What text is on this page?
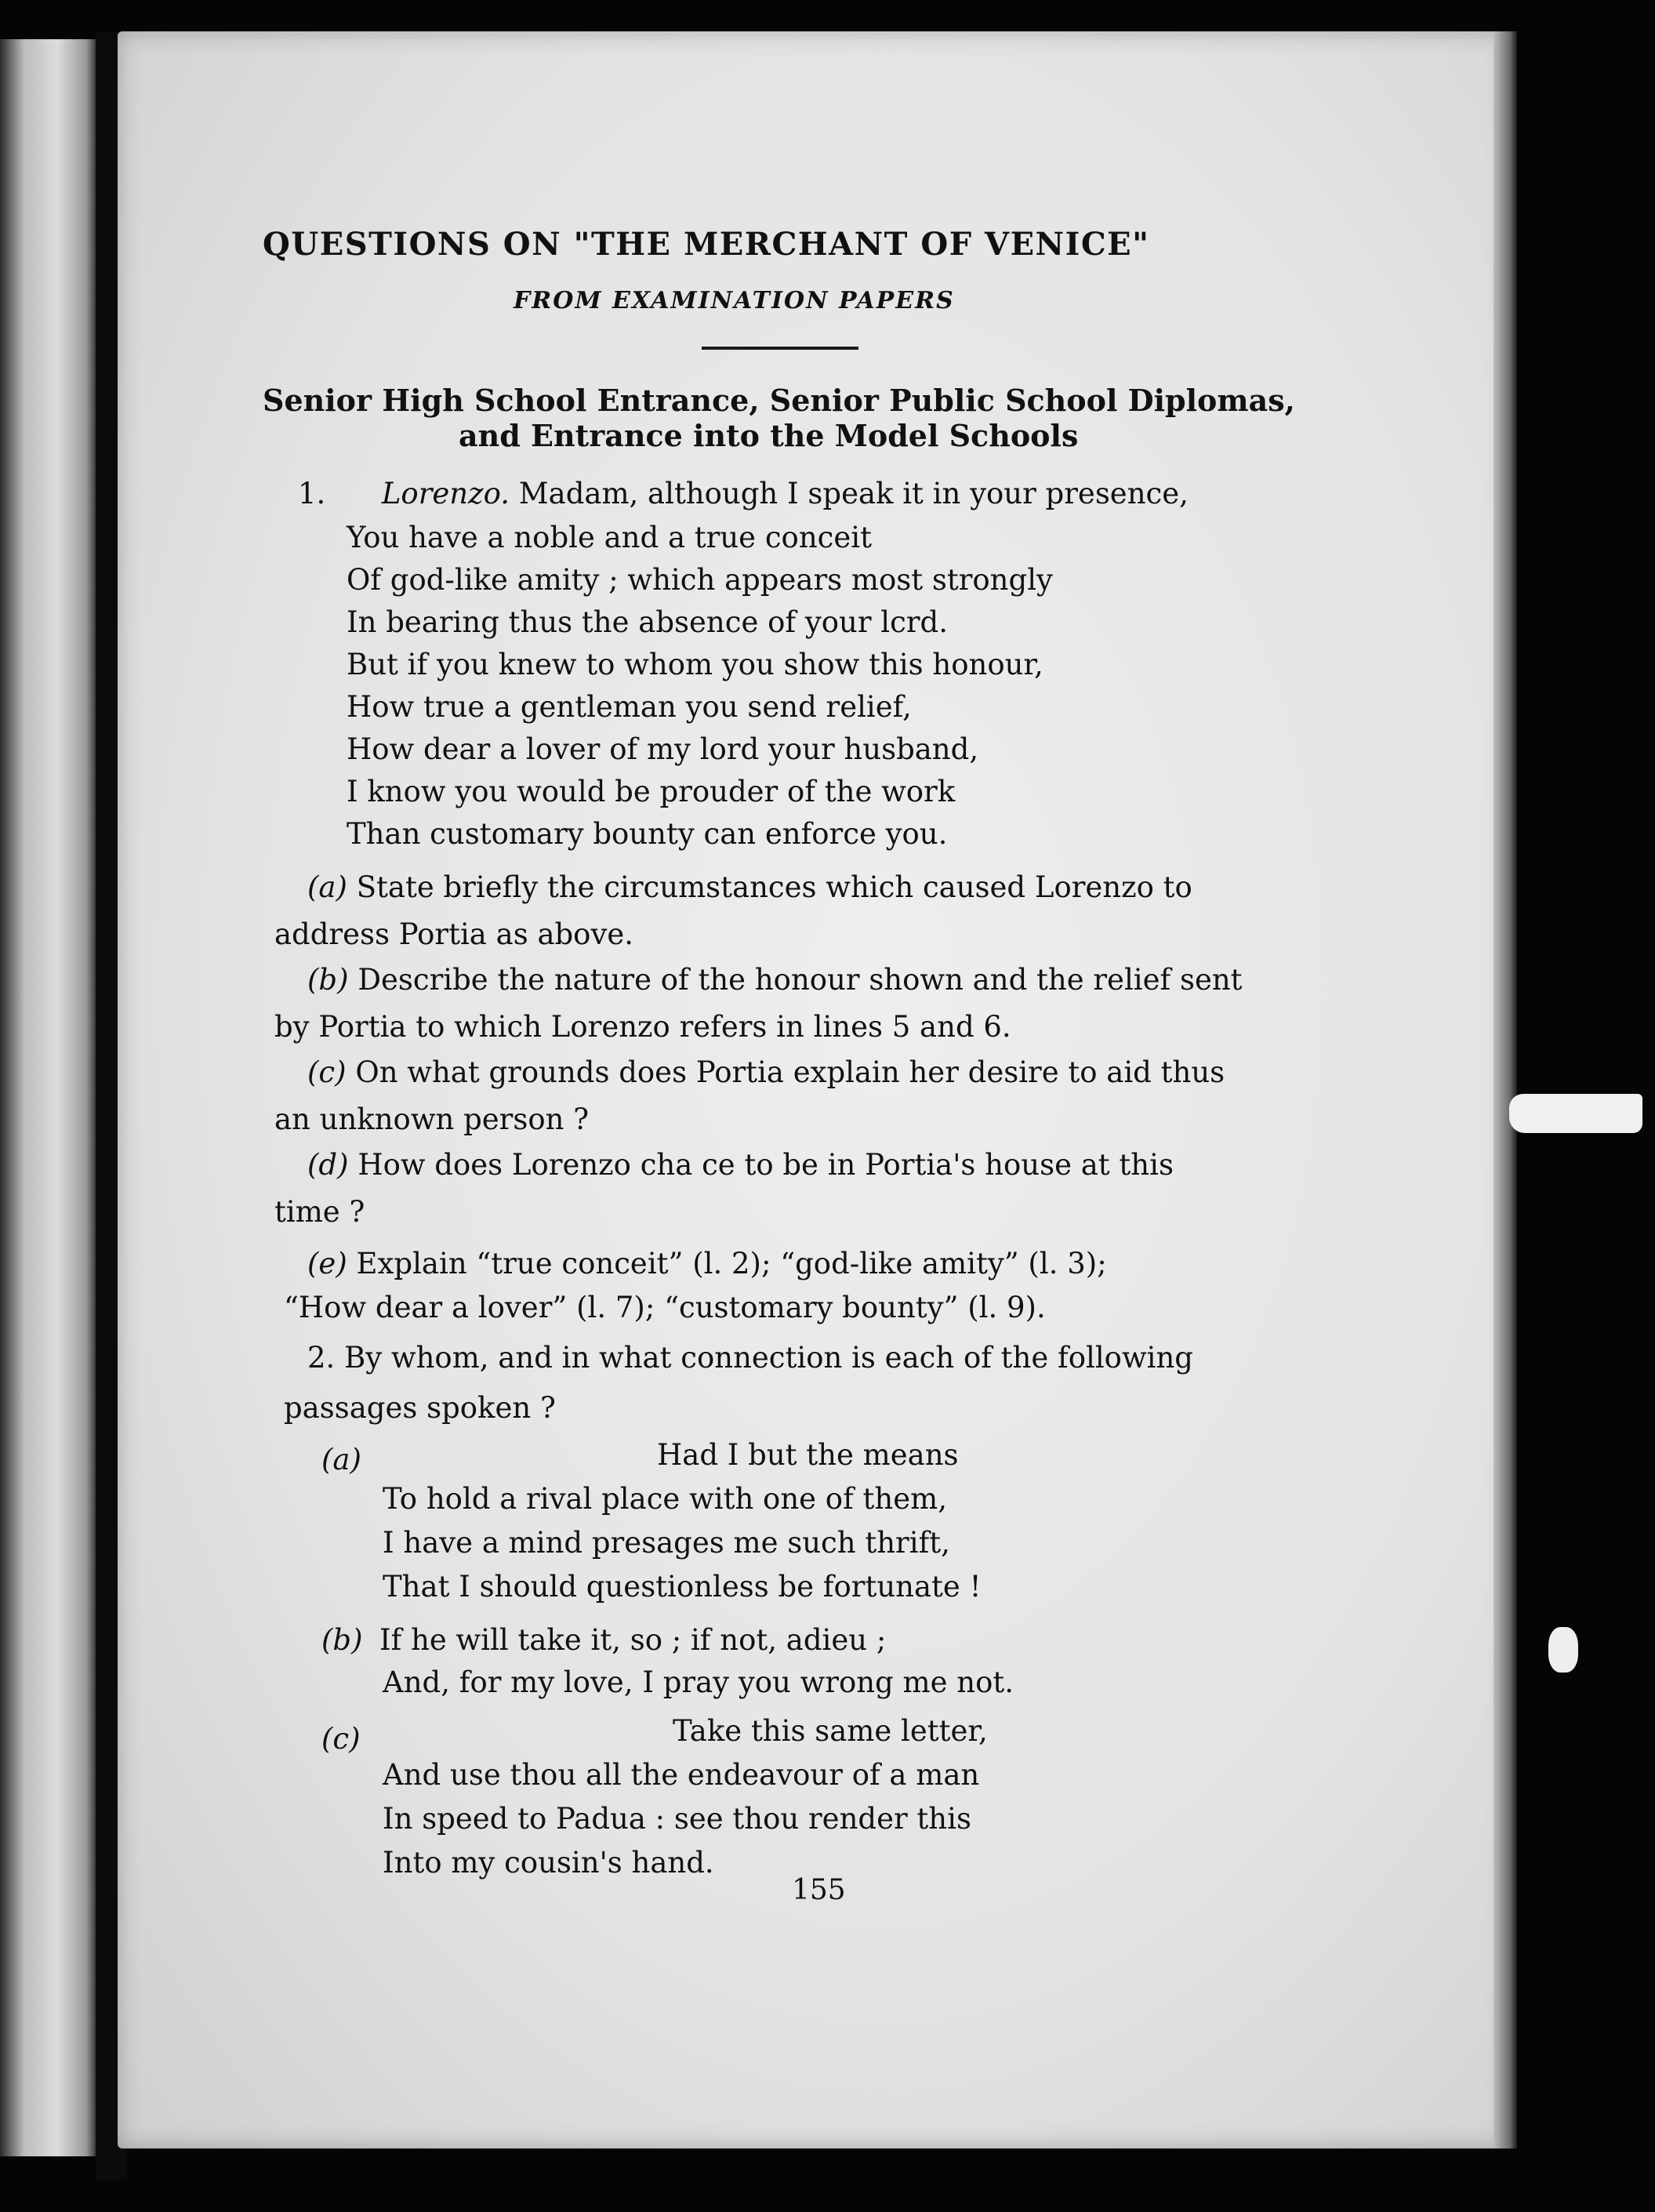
QUESTIONS ON "THE MERCHANT OF VENICE"
FROM EXAMINATION PAPERS
Senior High School Entrance, Senior Public School Diplomas,
and Entrance into the Model Schools
1. Lorenzo. Madam, although I speak it in your presence,
You have a noble and a true conceit
Of god-like amity ; which appears most strongly
In bearing thus the absence of your lcrd.
But if you knew to whom you show this honour,
How true a gentleman you send relief,
How dear a lover of my lord your husband,
I know you would be prouder of the work
Than customary bounty can enforce you.
(a) State briefly the circumstances which caused Lorenzo to
address Portia as above.
(b) Describe the nature of the honour shown and the relief sent
by Portia to which Lorenzo refers in lines 5 and 6.
(c) On what grounds does Portia explain her desire to aid thus
an unknown person ?
(d) How does Lorenzo cha ce to be in Portia's house at this
time ?
(e) Explain “true conceit” (l. 2); “god-like amity” (l. 3);
“How dear a lover” (l. 7); “customary bounty” (l. 9).
2. By whom, and in what connection is each of the following
passages spoken ?
(a)	Had I but the means
To hold a rival place with one of them,
I have a mind presages me such thrift,
That I should questionless be fortunate !
(b) If he will take it, so ; if not, adieu ;
And, for my love, I pray you wrong me not.
(c)	Take this same letter,
And use thou all the endeavour of a man
In speed to Padua : see thou render this
Into my cousin's hand.
155
